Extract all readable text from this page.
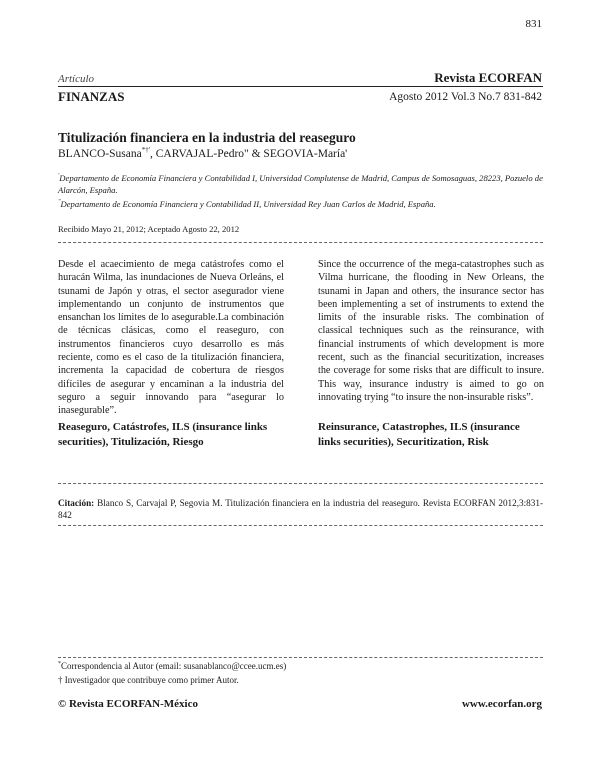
831
Artículo	Revista ECORFAN
FINANZAS	Agosto 2012 Vol.3 No.7 831-842
Titulización financiera en la industria del reaseguro
BLANCO-Susana*†', CARVAJAL-Pedro" & SEGOVIA-María'
'Departamento de Economía Financiera y Contabilidad I, Universidad Complutense de Madrid, Campus de Somosaguas, 28223, Pozuelo de Alarcón, España.
"Departamento de Economía Financiera y Contabilidad II, Universidad Rey Juan Carlos de Madrid, España.
Recibido Mayo 21, 2012; Aceptado Agosto 22, 2012
Desde el acaecimiento de mega catástrofes como el huracán Wilma, las inundaciones de Nueva Orleáns, el tsunami de Japón y otras, el sector asegurador viene implementando un conjunto de instrumentos que ensanchan los límites de lo asegurable.La combinación de técnicas clásicas, como el reaseguro, con instrumentos financieros cuyo desarrollo es más reciente, como es el caso de la titulización financiera, incrementa la capacidad de cobertura de riesgos difíciles de asegurar y encaminan a la industria del seguro a seguir innovando para “asegurar lo inasegurable”.
Since the occurrence of the mega-catastrophes such as Vilma hurricane, the flooding in New Orleans, the tsunami in Japan and others, the insurance sector has been implementing a set of instruments to extend the limits of the insurable risks. The combination of classical techniques such as the reinsurance, with financial instruments of which development is more recent, such as the financial securitization, increases the coverage for some risks that are difficult to insure. This way, insurance industry is aimed to go on innovating trying “to insure the non-insurable risks”.
Reaseguro, Catástrofes, ILS (insurance links securities), Titulización, Riesgo
Reinsurance, Catastrophes, ILS (insurance links securities), Securitization, Risk
Citación: Blanco S, Carvajal P, Segovia M. Titulización financiera en la industria del reaseguro. Revista ECORFAN 2012,3:831-842
*Correspondencia al Autor (email: susanablanco@ccee.ucm.es)
† Investigador que contribuye como primer Autor.
© Revista ECORFAN-México	www.ecorfan.org
